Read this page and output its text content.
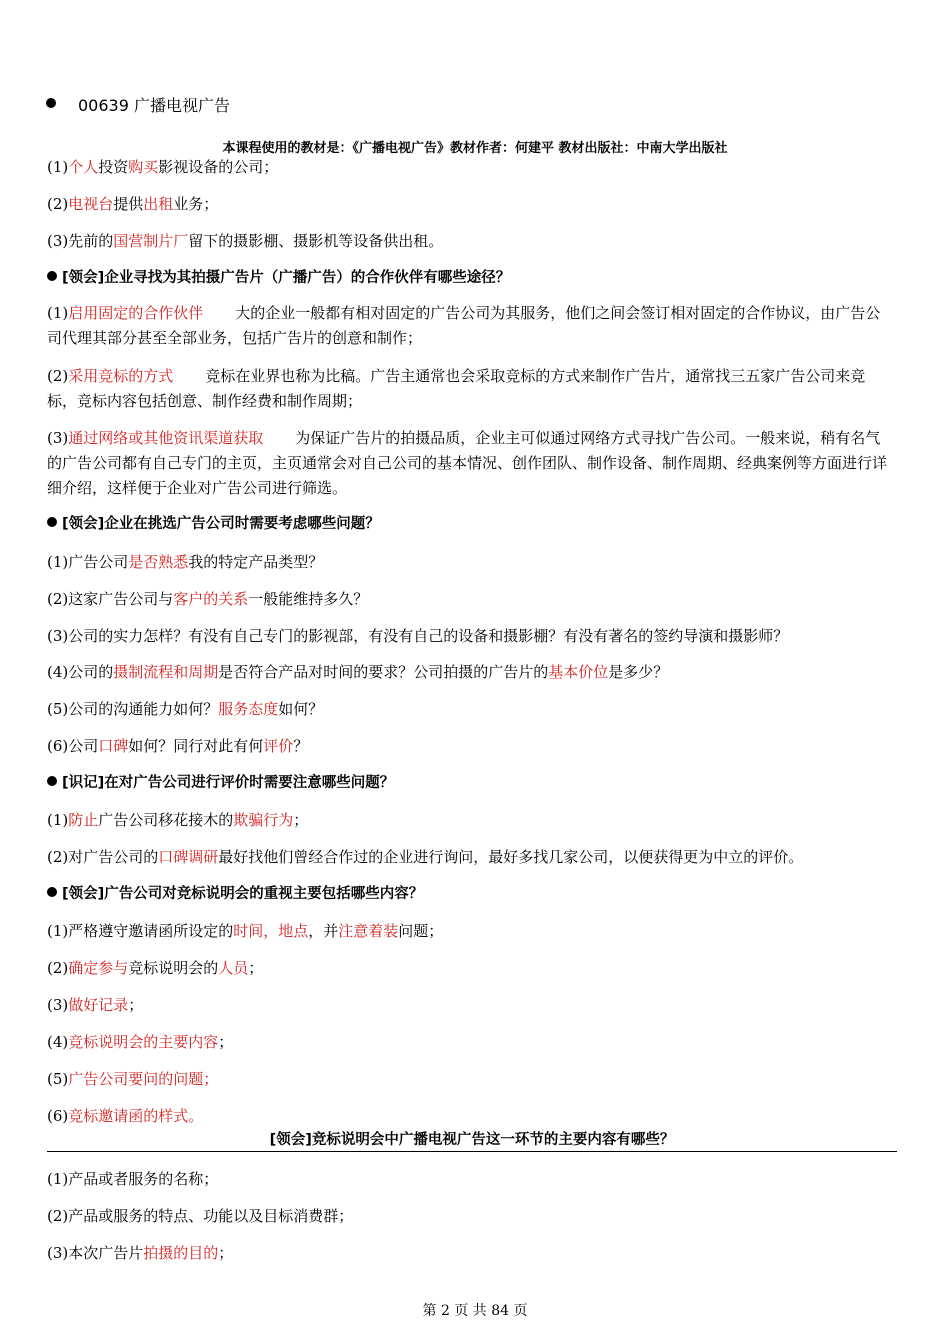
00639 广播电视广告
本课程使用的教材是：《广播电视广告》教材作者：何建平 教材出版社：中南大学出版社
(1)个人投资购买影视设备的公司；
(2)电视台提供出租业务；
(3)先前的国营制片厂留下的摄影棚、摄影机等设备供出租。
[领会]企业寻找为其拍摄广告片（广播广告）的合作伙伴有哪些途径？
(1)启用固定的合作伙伴 大的企业一般都有相对固定的广告公司为其服务，他们之间会签订相对固定的合作协议，由广告公司代理其部分甚至全部业务，包括广告片的创意和制作；
(2)采用竞标的方式 竞标在业界也称为比稿。广告主通常也会采取竞标的方式来制作广告片，通常找三五家广告公司来竞标，竞标内容包括创意、制作经费和制作周期；
(3)通过网络或其他资讯渠道获取 为保证广告片的拍摄品质，企业主可似通过网络方式寻找广告公司。一般来说，稍有名气的广告公司都有自己专门的主页，主页通常会对自己公司的基本情况、创作团队、制作设备、制作周期、经典案例等方面进行详细介绍，这样便于企业对广告公司进行筛选。
[领会]企业在挑选广告公司时需要考虑哪些问题？
(1)广告公司是否熟悉我的特定产品类型？
(2)这家广告公司与客户的关系一般能维持多久？
(3)公司的实力怎样？有没有自己专门的影视部，有没有自己的设备和摄影棚？有没有著名的签约导演和摄影师？
(4)公司的摄制流程和周期是否符合产品对时间的要求？公司拍摄的广告片的基本价位是多少？
(5)公司的沟通能力如何？服务态度如何？
(6)公司口碑如何？同行对此有何评价？
[识记]在对广告公司进行评价时需要注意哪些问题？
(1)防止广告公司移花接木的欺骗行为；
(2)对广告公司的口碑调研最好找他们曾经合作过的企业进行询问，最好多找几家公司，以便获得更为中立的评价。
[领会]广告公司对竞标说明会的重视主要包括哪些内容？
(1)严格遵守邀请函所设定的时间，地点，并注意着装问题；
(2)确定参与竞标说明会的人员；
(3)做好记录；
(4)竞标说明会的主要内容；
(5)广告公司要问的问题；
(6)竞标邀请函的样式。
[领会]竞标说明会中广播电视广告这一环节的主要内容有哪些？
(1)产品或者服务的名称；
(2)产品或服务的特点、功能以及目标消费群；
(3)本次广告片拍摄的目的；
第 2 页 共 84 页
